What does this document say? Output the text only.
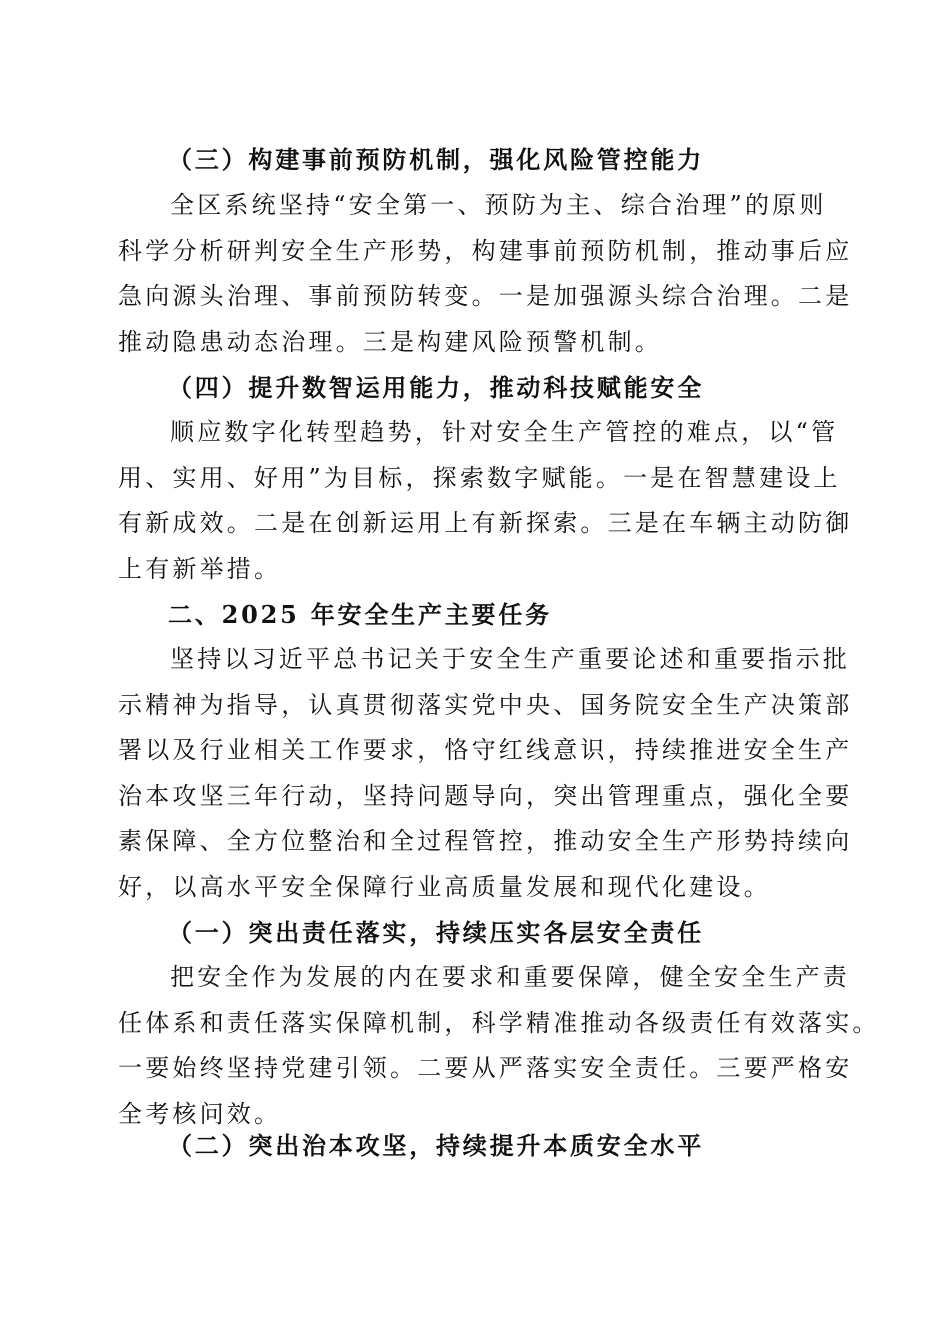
（三）构建事前预防机制，强化风险管控能力
全区系统坚持“安全第一、预防为主、综合治理”的原则
科学分析研判安全生产形势，构建事前预防机制，推动事后应
急向源头治理、事前预防转变。一是加强源头综合治理。二是
推动隐患动态治理。三是构建风险预警机制。
（四）提升数智运用能力，推动科技赋能安全
顺应数字化转型趋势，针对安全生产管控的难点，以“管
用、实用、好用”为目标，探索数字赋能。一是在智慧建设上
有新成效。二是在创新运用上有新探索。三是在车辆主动防御
上有新举措。
二、2025 年安全生产主要任务
坚持以习近平总书记关于安全生产重要论述和重要指示批
示精神为指导，认真贯彻落实党中央、国务院安全生产决策部
署以及行业相关工作要求，恪守红线意识，持续推进安全生产
治本攻坚三年行动，坚持问题导向，突出管理重点，强化全要
素保障、全方位整治和全过程管控，推动安全生产形势持续向
好，以高水平安全保障行业高质量发展和现代化建设。
（一）突出责任落实，持续压实各层安全责任
把安全作为发展的内在要求和重要保障，健全安全生产责
任体系和责任落实保障机制，科学精准推动各级责任有效落实。
一要始终坚持党建引领。二要从严落实安全责任。三要严格安
全考核问效。
（二）突出治本攻坚，持续提升本质安全水平
